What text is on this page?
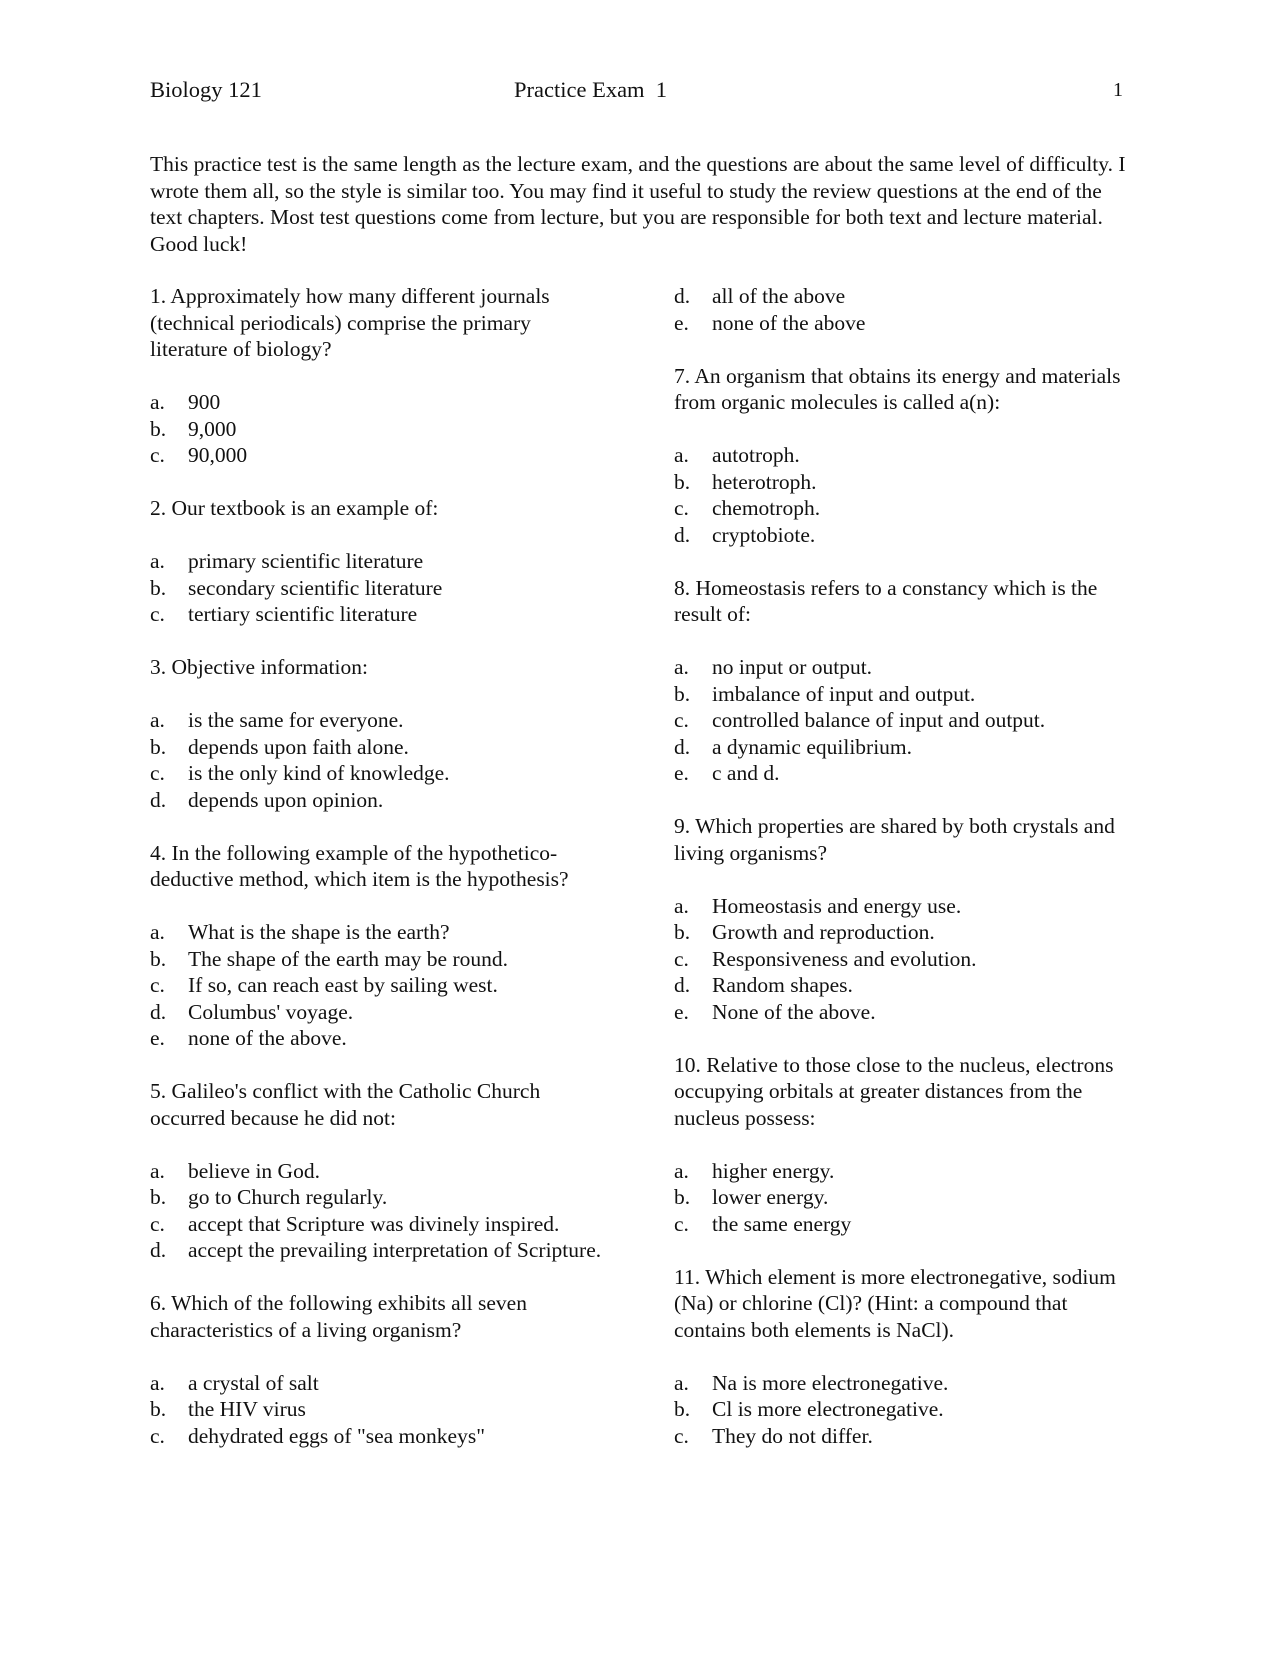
Biology 121	Practice Exam  1	1

This practice test is the same length as the lecture exam, and the questions are about the same level of difficulty. I wrote them all, so the style is similar too. You may find it useful to study the review questions at the end of the text chapters. Most test questions come from lecture, but you are responsible for both text and lecture material. Good luck!

1. Approximately how many different journals (technical periodicals) comprise the primary literature of biology?

a.	900
b.	9,000
c.	90,000

2. Our textbook is an example of:

a.	primary scientific literature
b.	secondary scientific literature
c.	tertiary scientific literature

3. Objective information:

a.	is the same for everyone.
b.	depends upon faith alone.
c.	is the only kind of knowledge.
d.	depends upon opinion.

4. In the following example of the hypothetico-deductive method, which item is the hypothesis?

a.	What is the shape is the earth?
b.	The shape of the earth may be round.
c.	If so, can reach east by sailing west.
d.	Columbus' voyage.
e.	none of the above.

5. Galileo's conflict with the Catholic Church occurred because he did not:

a.	believe in God.
b.	go to Church regularly.
c.	accept that Scripture was divinely inspired.
d.	accept the prevailing interpretation of Scripture.

6. Which of the following exhibits all seven characteristics of a living organism?

a.	a crystal of salt
b.	the HIV virus
c.	dehydrated eggs of "sea monkeys"
d.	all of the above
e.	none of the above

7. An organism that obtains its energy and materials from organic molecules is called a(n):

a.	autotroph.
b.	heterotroph.
c.	chemotroph.
d.	cryptobiote.

8. Homeostasis refers to a constancy which is the result of:

a.	no input or output.
b.	imbalance of input and output.
c.	controlled balance of input and output.
d.	a dynamic equilibrium.
e.	c and d.

9. Which properties are shared by both crystals and living organisms?

a.	Homeostasis and energy use.
b.	Growth and reproduction.
c.	Responsiveness and evolution.
d.	Random shapes.
e.	None of the above.

10. Relative to those close to the nucleus, electrons occupying orbitals at greater distances from the nucleus possess:

a.	higher energy.
b.	lower energy.
c.	the same energy

11. Which element is more electronegative, sodium (Na) or chlorine (Cl)? (Hint: a compound that contains both elements is NaCl).

a.	Na is more electronegative.
b.	Cl is more electronegative.
c.	They do not differ.
